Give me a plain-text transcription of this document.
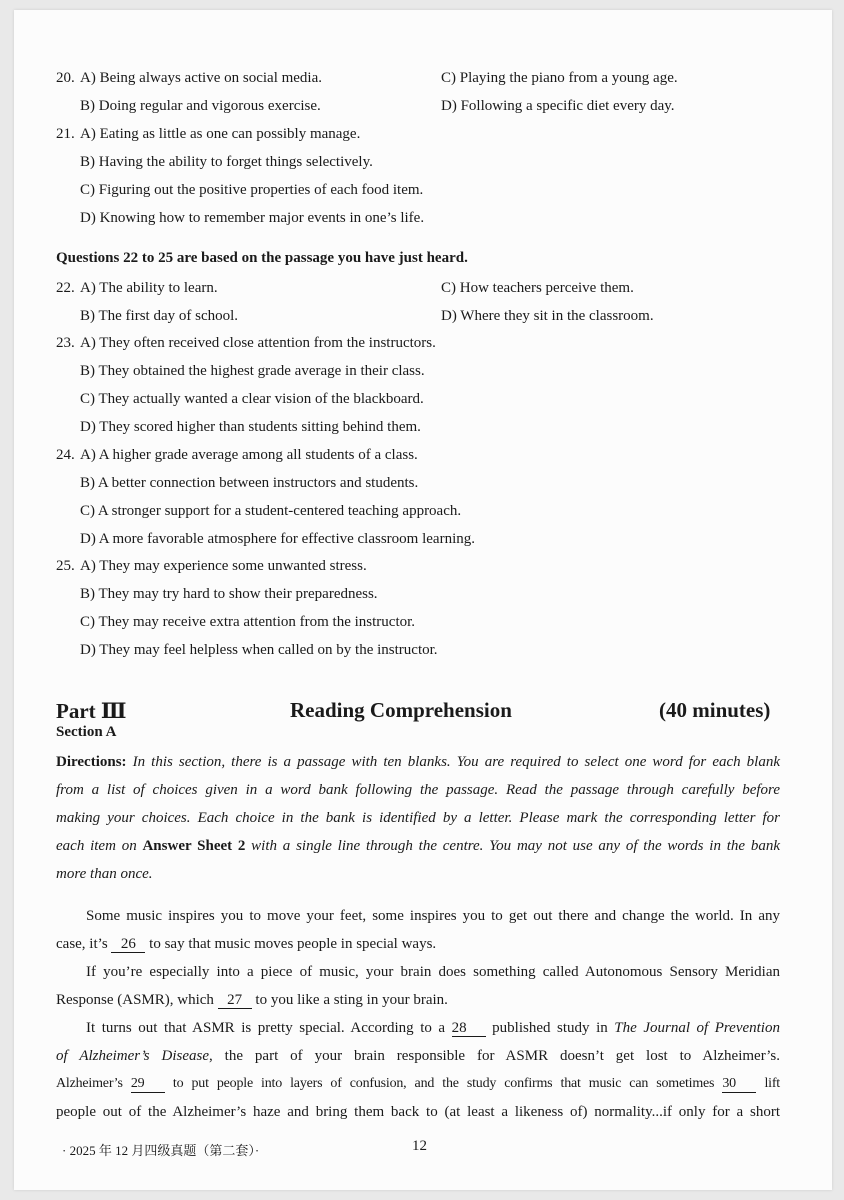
20. A) Being always active on social media.	C) Playing the piano from a young age.
B) Doing regular and vigorous exercise.	D) Following a specific diet every day.
21. A) Eating as little as one can possibly manage.
B) Having the ability to forget things selectively.
C) Figuring out the positive properties of each food item.
D) Knowing how to remember major events in one’s life.
Questions 22 to 25 are based on the passage you have just heard.
22. A) The ability to learn.	C) How teachers perceive them.
B) The first day of school.	D) Where they sit in the classroom.
23. A) They often received close attention from the instructors.
B) They obtained the highest grade average in their class.
C) They actually wanted a clear vision of the blackboard.
D) They scored higher than students sitting behind them.
24. A) A higher grade average among all students of a class.
B) A better connection between instructors and students.
C) A stronger support for a student-centered teaching approach.
D) A more favorable atmosphere for effective classroom learning.
25. A) They may experience some unwanted stress.
B) They may try hard to show their preparedness.
C) They may receive extra attention from the instructor.
D) They may feel helpless when called on by the instructor.
Part Ⅲ	Reading Comprehension	(40 minutes)
Section A
Directions: In this section, there is a passage with ten blanks. You are required to select one word for each blank
from a list of choices given in a word bank following the passage. Read the passage through carefully before
making your choices. Each choice in the bank is identified by a letter. Please mark the corresponding letter for
each item on Answer Sheet 2 with a single line through the centre. You may not use any of the words in the bank
more than once.
Some music inspires you to move your feet, some inspires you to get out there and change the world. In any
case, it’s 26 to say that music moves people in special ways.
If you’re especially into a piece of music, your brain does something called Autonomous Sensory Meridian
Response (ASMR), which 27 to you like a sting in your brain.
It turns out that ASMR is pretty special. According to a 28 published study in The Journal of Prevention
of Alzheimer’s Disease, the part of your brain responsible for ASMR doesn’t get lost to Alzheimer’s.
Alzheimer’s 29 to put people into layers of confusion, and the study confirms that music can sometimes 30 lift
people out of the Alzheimer’s haze and bring them back to (at least a likeness of) normality...if only for a short
· 2025 年 12 月四级真题（第二套）·	12
